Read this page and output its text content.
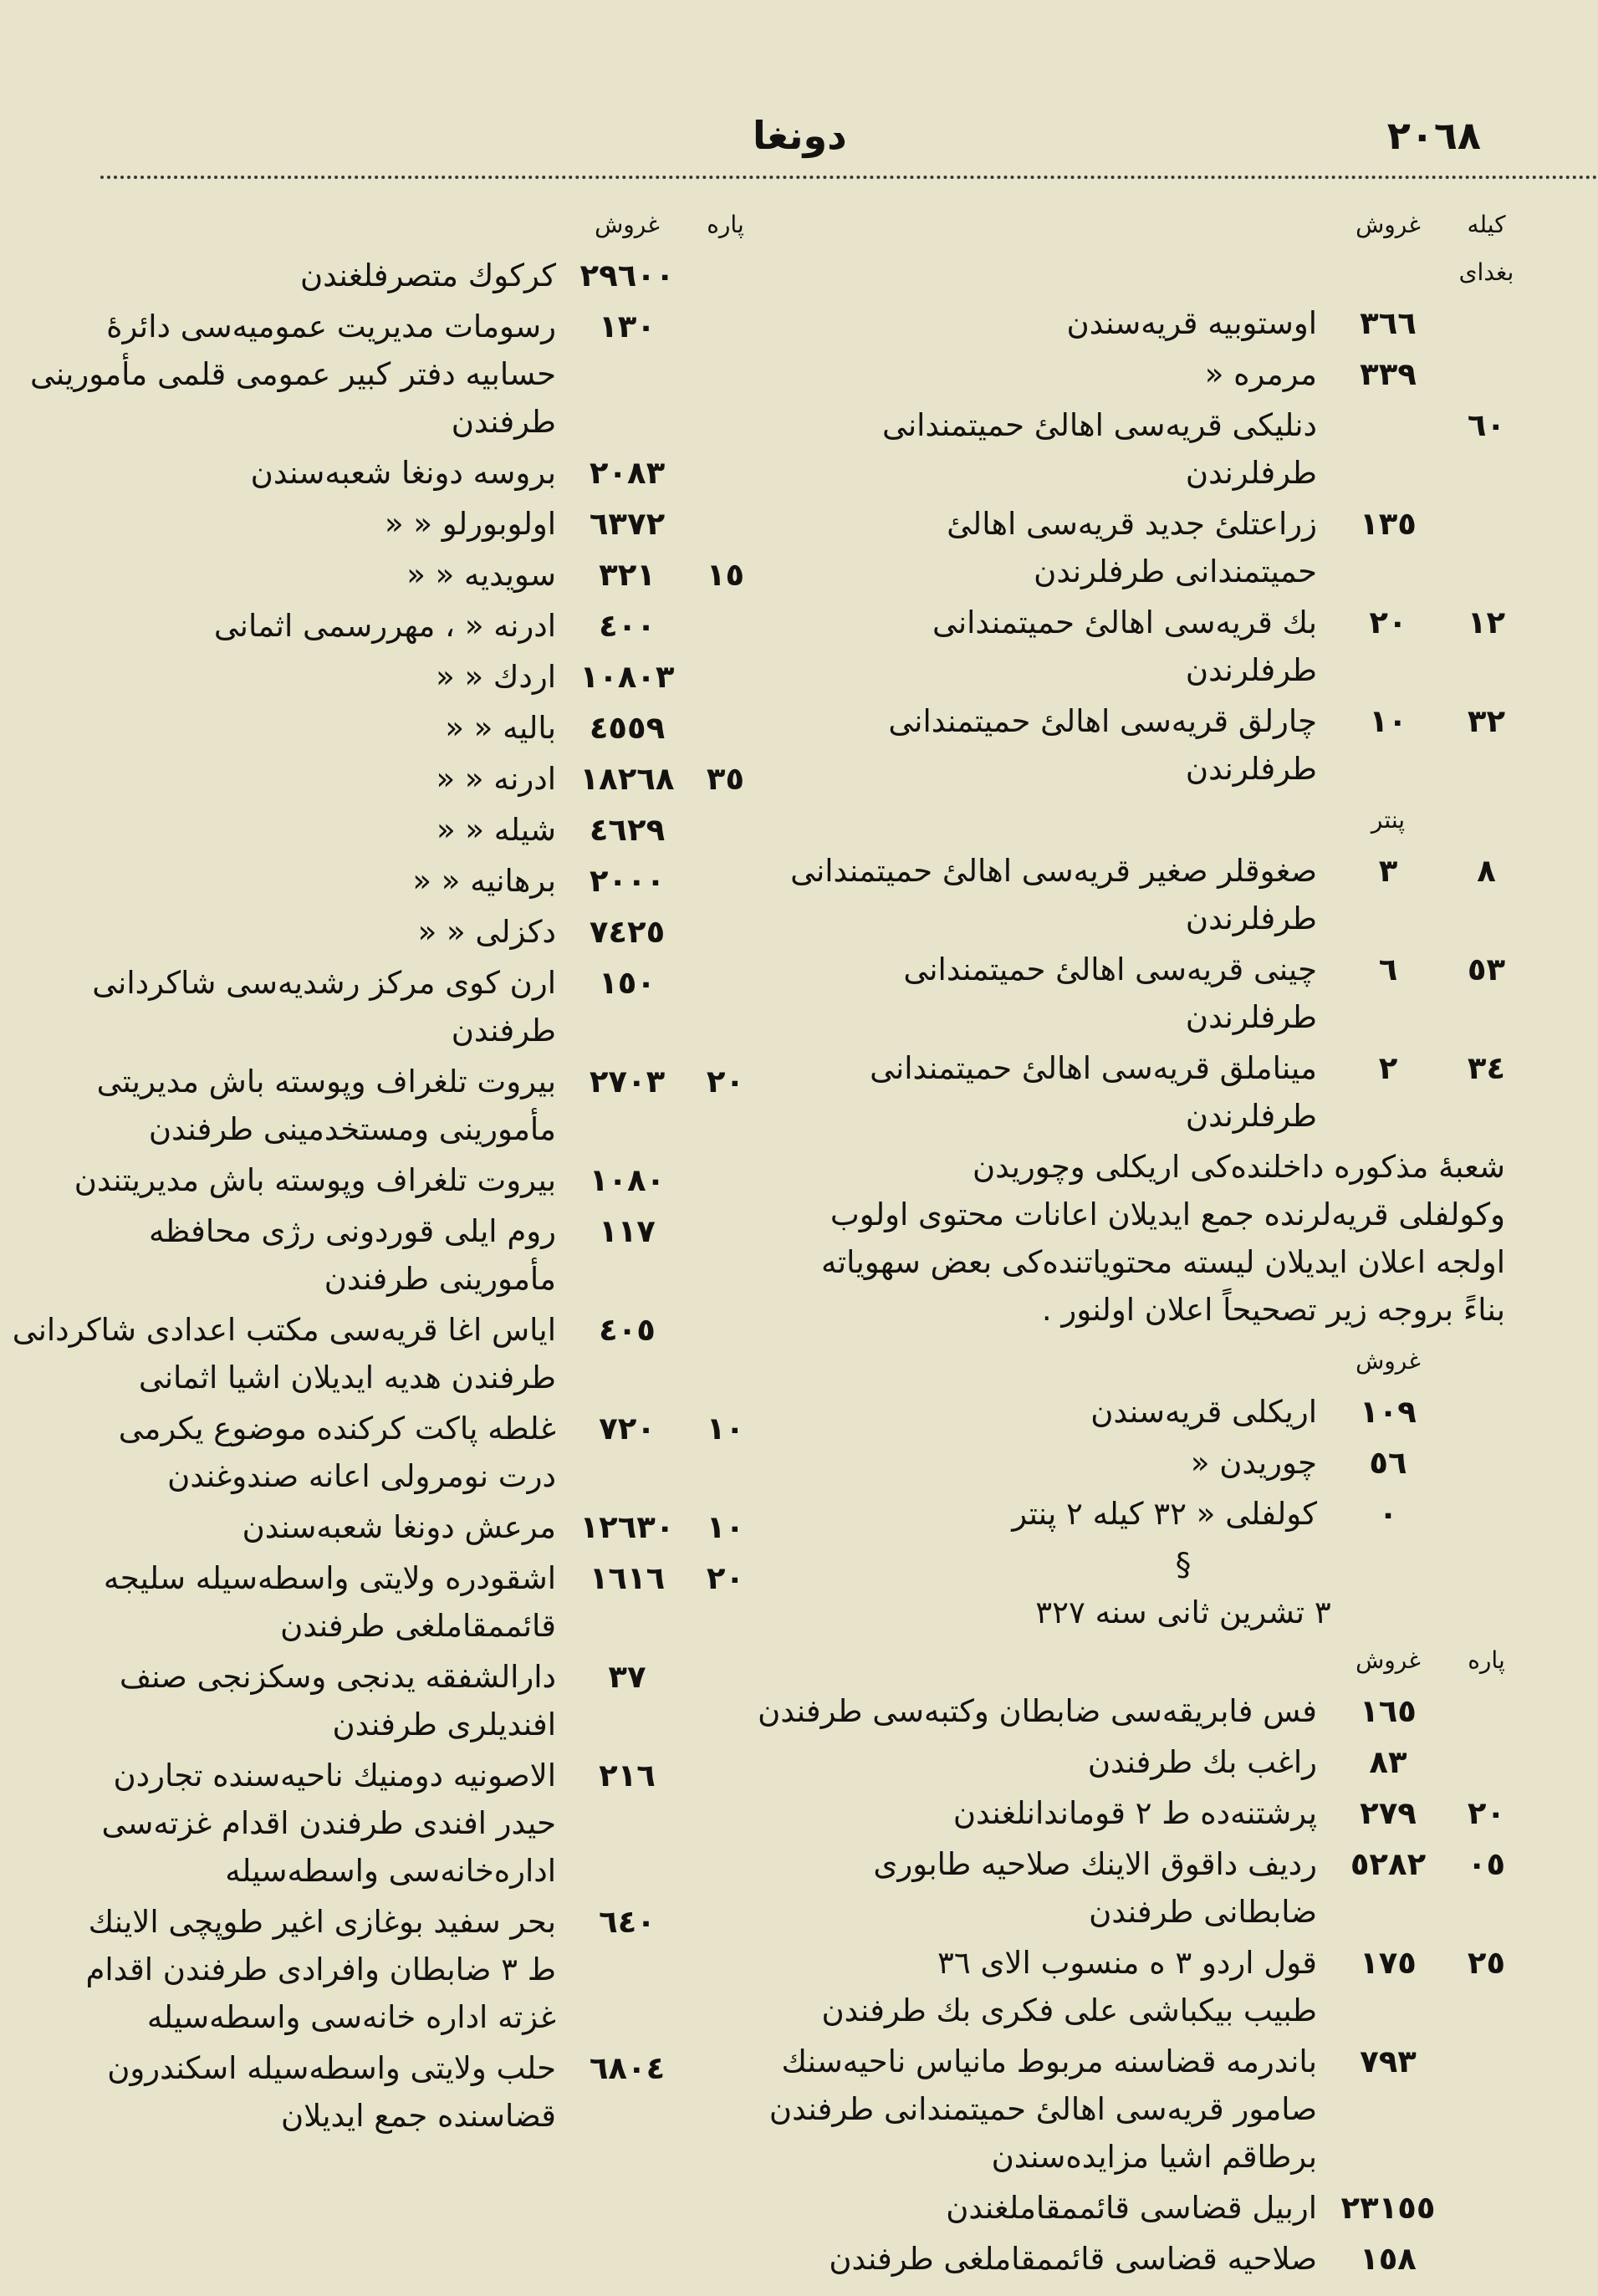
٢٠٦٨
دونغا
کیله بغدای
غروش
٣٦٦
اوستوبیه قریه‌سندن
٣٣٩
مرمره «
٦٠
دنلیکی قریه‌سی اهالیٔ حمیتمندانی
طرفلرندن
١٣٥
زراعتلیٔ جدید قریه‌سی اهالیٔ
حمیتمندانی طرفلرندن
١٢
٢٠
بك قریه‌سی اهالیٔ حمیتمندانی
طرفلرندن
٣٢
١٠
چارلق قریه‌سی اهالیٔ حمیتمندانی
طرفلرندن
پنتر
٨
٣
صغوقلر صغیر قریه‌سی اهالیٔ حمیتمندانی
طرفلرندن
٥٣
٦
چینی قریه‌سی اهالیٔ حمیتمندانی
طرفلرندن
٣٤
٢
میناملق قریه‌سی اهالیٔ حمیتمندانی
طرفلرندن
شعبهٔ مذکوره داخلنده‌کی اریکلی وچوریدن
وکولفلی قریه‌لرنده جمع ایدیلان اعانات محتوی اولوب
اولجه اعلان ایدیلان لیسته محتویاتنده‌کی بعض سهویاته
بناءً بروجه زیر تصحیحاً اعلان اولنور .
غروش
١٠٩
اریکلی قریه‌سندن
٥٦
چوریدن «
٠
کولفلی « ٣٢ کیله ٢ پنتر
§
٣ تشرین ثانی سنه ٣٢٧
پاره
غروش
١٦٥
فس فابریقه‌سی ضابطان وکتبه‌سی طرفندن
٨٣
راغب بك طرفندن
٢٠
٢٧٩
پرشتنه‌ده ط ٢ قوماندانلغندن
٠٥
٥٢٨٢
ردیف داقوق الاینك صلاحیه طابوری
ضابطانی طرفندن
٢٥
١٧٥
قول اردو ٣ ه منسوب الای ٣٦
طبیب بیکباشی علی فکری بك طرفندن
٧٩٣
باندرمه قضاسنه مربوط مانیاس ناحیه‌سنك
صامور قریه‌سی اهالیٔ حمیتمندانی طرفندن
برطاقم اشیا مزایده‌سندن
٢٣١٥٥
اربیل قضاسی قائممقاملغندن
١٥٨
صلاحیه قضاسی قائممقاملغی طرفندن
پاره
غروش
٢٩٦٠٠
کرکوك متصرفلغندن
١٣٠
رسومات مدیریت عمومیه‌سی دائرهٔ
حسابیه دفتر کبیر عمومی قلمی مأمورینی
طرفندن
٢٠٨٣
بروسه دونغا شعبه‌سندن
٦٣٧٢
اولوبورلو « «
١٥
٣٢١
سویدیه « «
٤٠٠
ادرنه « ، مهررسمی اثمانی
١٠٨٠٣
اردك « «
٤٥٥٩
بالیه « «
٣٥
١٨٢٦٨
ادرنه « «
٤٦٢٩
شیله « «
٢٠٠٠
برهانیه « «
٧٤٢٥
دکزلی « «
١٥٠
ارن کوی مرکز رشدیه‌سی شاکردانی
طرفندن
٢٠
٢٧٠٣
بیروت تلغراف وپوسته باش مدیریتی
مأمورینی ومستخدمینی طرفندن
١٠٨٠
بیروت تلغراف وپوسته باش مدیریتندن
١١٧
روم ایلی قوردونی رژی محافظه
مأمورینی طرفندن
٤٠٥
ایاس اغا قریه‌سی مکتب اعدادی شاکردانی
طرفندن هدیه ایدیلان اشیا اثمانی
١٠
٧٢٠
غلطه پاکت کرکنده موضوع یکرمی
درت نومرولی اعانه صندوغندن
١٠
١٢٦٣٠
مرعش دونغا شعبه‌سندن
٢٠
١٦١٦
اشقودره ولایتی واسطه‌سیله سلیجه
قائممقاملغی طرفندن
٣٧
دارالشفقه یدنجی وسکزنجی صنف
افندیلری طرفندن
٢١٦
الاصونیه دومنیك ناحیه‌سنده تجاردن
حیدر افندی طرفندن اقدام غزته‌سی
اداره‌خانه‌سی واسطه‌سیله
٦٤٠
بحر سفید بوغازی اغیر طوپچی الاینك
ط ٣ ضابطان وافرادی طرفندن اقدام
غزته اداره خانه‌سی واسطه‌سیله
٦٨٠٤
حلب ولایتی واسطه‌سیله اسکندرون
قضاسنده جمع ایدیلان
